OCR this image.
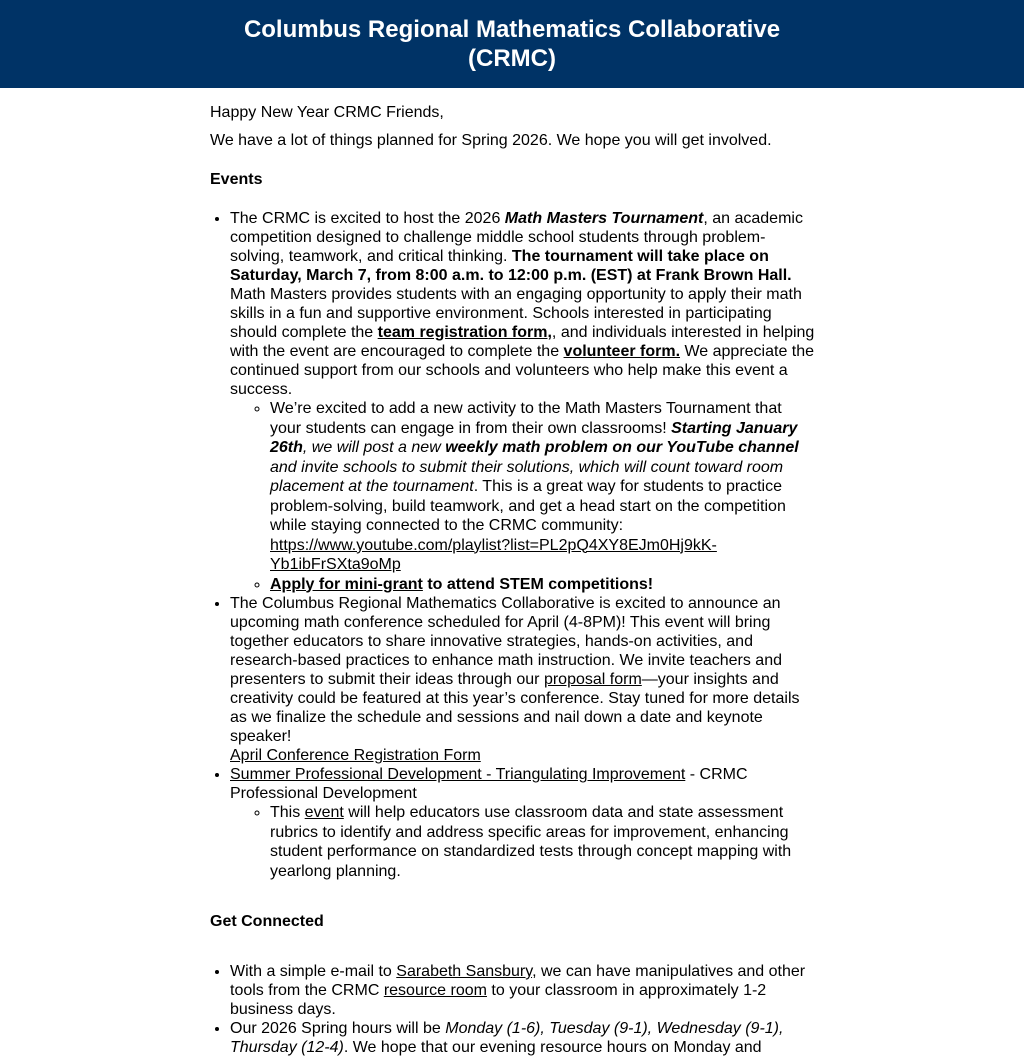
Columbus Regional Mathematics Collaborative (CRMC)

Happy New Year CRMC Friends,

We have a lot of things planned for Spring 2026. We hope you will get involved.

Events
• The CRMC is excited to host the 2026 Math Masters Tournament, an academic competition designed to challenge middle school students through problem-solving, teamwork, and critical thinking. The tournament will take place on Saturday, March 7, from 8:00 a.m. to 12:00 p.m. (EST) at Frank Brown Hall. Math Masters provides students with an engaging opportunity to apply their math skills in a fun and supportive environment. Schools interested in participating should complete the team registration form,, and individuals interested in helping with the event are encouraged to complete the volunteer form. We appreciate the continued support from our schools and volunteers who help make this event a success.
◦ We’re excited to add a new activity to the Math Masters Tournament that your students can engage in from their own classrooms! Starting January 26th, we will post a new weekly math problem on our YouTube channel and invite schools to submit their solutions, which will count toward room placement at the tournament. This is a great way for students to practice problem-solving, build teamwork, and get a head start on the competition while staying connected to the CRMC community: https://www.youtube.com/playlist?list=PL2pQ4XY8EJm0Hj9kK-Yb1ibFrSXta9oMp
◦ Apply for mini-grant to attend STEM competitions!
• The Columbus Regional Mathematics Collaborative is excited to announce an upcoming math conference scheduled for April (4-8PM)! This event will bring together educators to share innovative strategies, hands-on activities, and research-based practices to enhance math instruction. We invite teachers and presenters to submit their ideas through our proposal form—your insights and creativity could be featured at this year’s conference. Stay tuned for more details as we finalize the schedule and sessions and nail down a date and keynote speaker!
April Conference Registration Form
• Summer Professional Development - Triangulating Improvement - CRMC Professional Development
◦ This event will help educators use classroom data and state assessment rubrics to identify and address specific areas for improvement, enhancing student performance on standardized tests through concept mapping with yearlong planning.
Get Connected
• With a simple e-mail to Sarabeth Sansbury, we can have manipulatives and other tools from the CRMC resource room to your classroom in approximately 1-2 business days.
• Our 2026 Spring hours will be Monday (1-6), Tuesday (9-1), Wednesday (9-1), Thursday (12-4). We hope that our evening resource hours on Monday and
